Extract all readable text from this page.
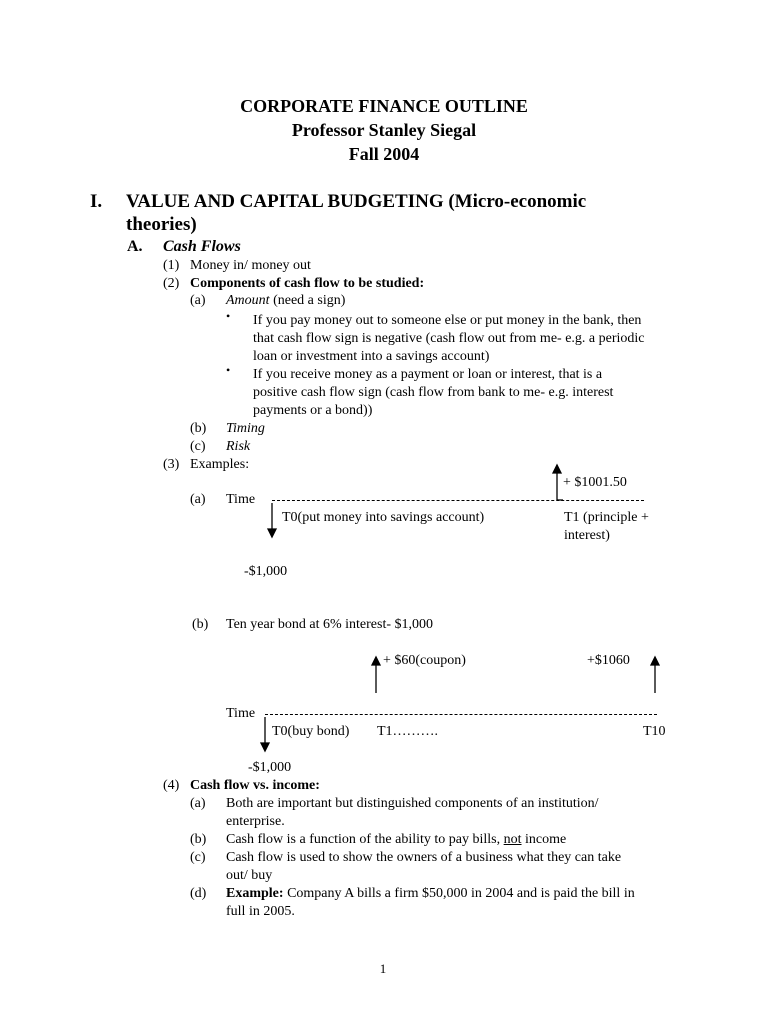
CORPORATE FINANCE OUTLINE
Professor Stanley Siegal
Fall 2004
I. VALUE AND CAPITAL BUDGETING (Micro-economic
theories)
A. Cash Flows
(1) Money in/ money out
(2) Components of cash flow to be studied:
(a) Amount (need a sign)
• If you pay money out to someone else or put money in the bank, then
that cash flow sign is negative (cash flow out from me- e.g. a periodic
loan or investment into a savings account)
• If you receive money as a payment or loan or interest, that is a
positive cash flow sign (cash flow from bank to me- e.g. interest
payments or a bond))
(b) Timing
(c) Risk
(3) Examples:
+ $1001.50
(a) Time
T0(put money into savings account)	T1 (principle +
interest)
-$1,000
(b) Ten year bond at 6% interest- $1,000
+ $60(coupon)	+$1060
Time
T0(buy bond) T1……….	T10
-$1,000
(4) Cash flow vs. income:
(a) Both are important but distinguished components of an institution/
enterprise.
(b) Cash flow is a function of the ability to pay bills, not income
(c) Cash flow is used to show the owners of a business what they can take
out/ buy
(d) Example: Company A bills a firm $50,000 in 2004 and is paid the bill in
full in 2005.
1
